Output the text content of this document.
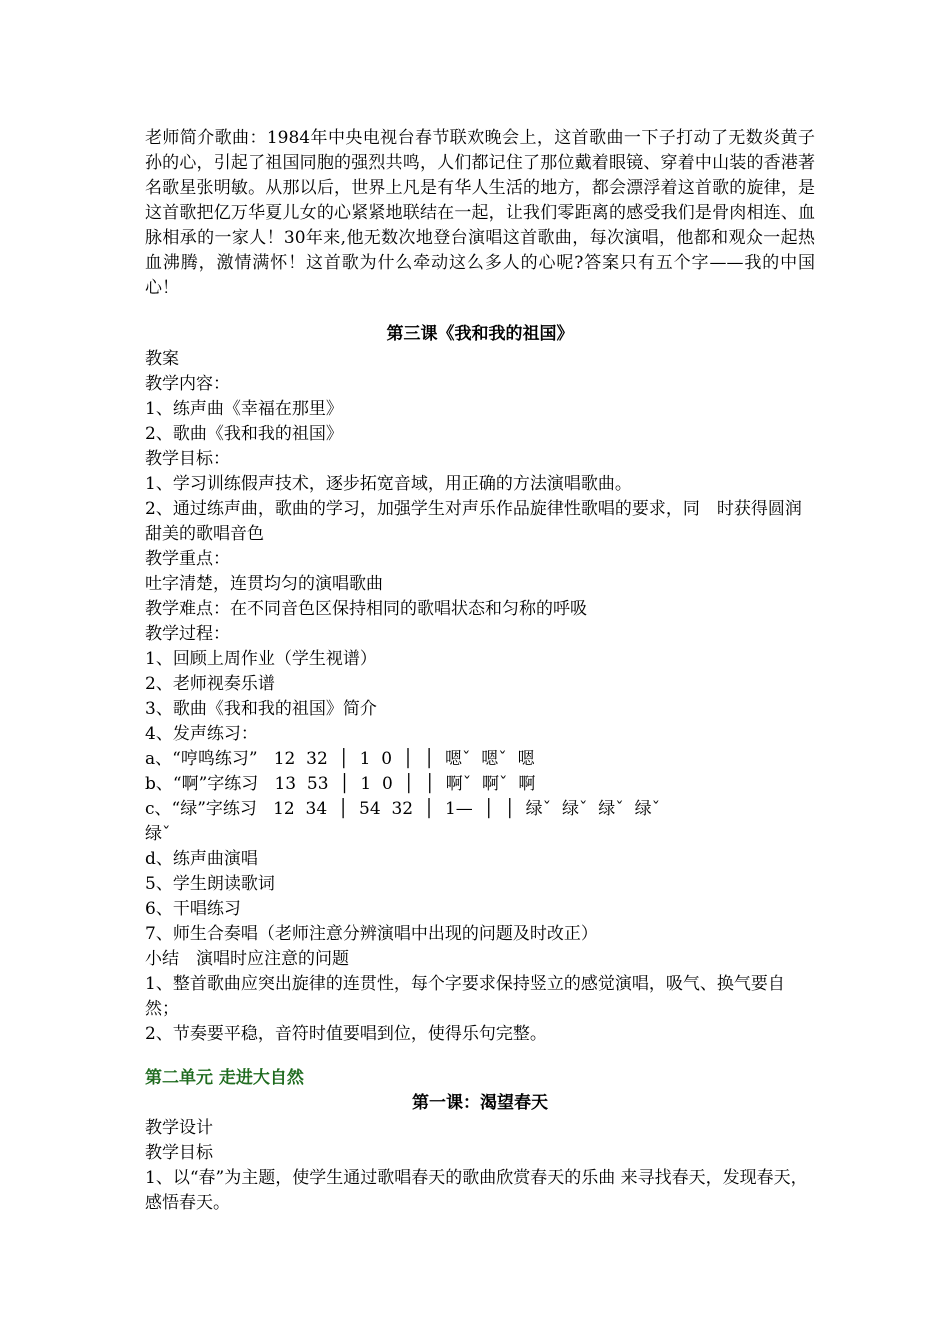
老师简介歌曲：1984年中央电视台春节联欢晚会上，这首歌曲一下子打动了无数炎黄子孙的心，引起了祖国同胞的强烈共鸣，人们都记住了那位戴着眼镜、穿着中山装的香港著名歌星张明敏。从那以后，世界上凡是有华人生活的地方，都会漂浮着这首歌的旋律，是这首歌把亿万华夏儿女的心紧紧地联结在一起，让我们零距离的感受我们是骨肉相连、血脉相承的一家人！30年来,他无数次地登台演唱这首歌曲，每次演唱，他都和观众一起热血沸腾，激情满怀！这首歌为什么牵动这么多人的心呢?答案只有五个字——我的中国心！

第三课《我和我的祖国》

教案

教学内容：

1、练声曲《幸福在那里》

2、歌曲《我和我的祖国》

教学目标：

1、学习训练假声技术，逐步拓宽音域，用正确的方法演唱歌曲。

2、通过练声曲，歌曲的学习，加强学生对声乐作品旋律性歌唱的要求，同　时获得圆润甜美的歌唱音色

教学重点：

吐字清楚，连贯均匀的演唱歌曲

教学难点：在不同音色区保持相同的歌唱状态和匀称的呼吸

教学过程：

1、回顾上周作业（学生视谱）

2、老师视奏乐谱

3、歌曲《我和我的祖国》简介

4、发声练习：

a、“哼鸣练习”   12  32  │  1  0  │  │  嗯ˇ  嗯ˇ  嗯

b、“啊”字练习   13  53  │  1  0  │  │  啊ˇ  啊ˇ  啊

c、“绿”字练习   12  34  │  54  32  │  1—  │  │  绿ˇ  绿ˇ  绿ˇ  绿ˇ

绿ˇ

d、练声曲演唱

5、学生朗读歌词

6、干唱练习

7、师生合奏唱（老师注意分辨演唱中出现的问题及时改正）

小结　演唱时应注意的问题

1、整首歌曲应突出旋律的连贯性，每个字要求保持竖立的感觉演唱，吸气、换气要自然；

2、节奏要平稳，音符时值要唱到位，使得乐句完整。

第二单元 走进大自然

第一课：渴望春天

教学设计

教学目标

1、以“春”为主题，使学生通过歌唱春天的歌曲欣赏春天的乐曲 来寻找春天，发现春天，感悟春天。
